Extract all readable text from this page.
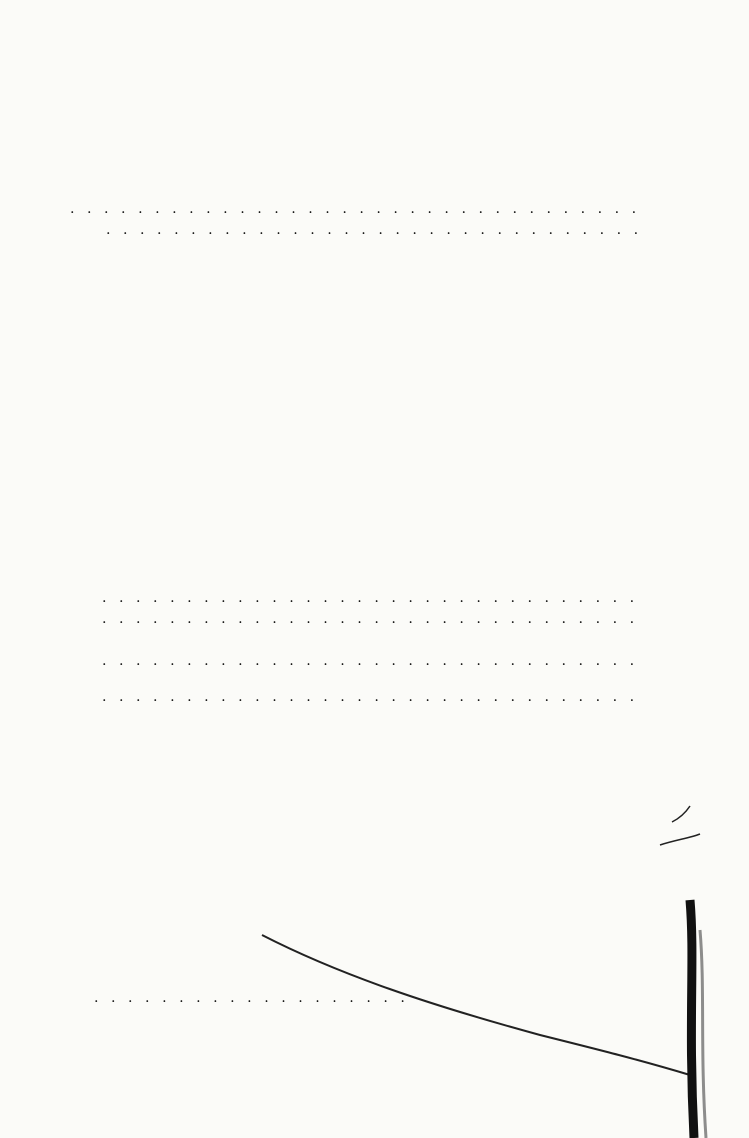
. . .
. . .
. . .
. . .
. . .
. . .
. . .
